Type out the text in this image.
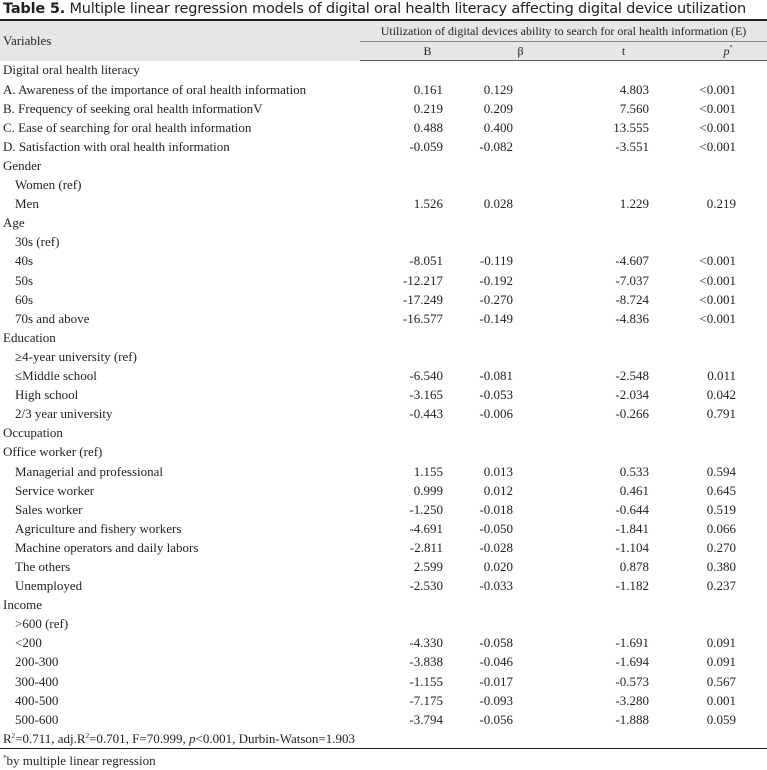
Table 5. Multiple linear regression models of digital oral health literacy affecting digital device utilization
Variables	Utilization of digital devices ability to search for oral health information (E)			
	B	β	t	p*
Digital oral health literacy				
A. Awareness of the importance of oral health information	0.161	0.129	4.803	<0.001
B. Frequency of seeking oral health informationV	0.219	0.209	7.560	<0.001
C. Ease of searching for oral health information	0.488	0.400	13.555	<0.001
D. Satisfaction with oral health information	-0.059	-0.082	-3.551	<0.001
Gender				
Women (ref)				
Men	1.526	0.028	1.229	0.219
Age				
30s (ref)				
40s	-8.051	-0.119	-4.607	<0.001
50s	-12.217	-0.192	-7.037	<0.001
60s	-17.249	-0.270	-8.724	<0.001
70s and above	-16.577	-0.149	-4.836	<0.001
Education				
≥4-year university (ref)				
≤Middle school	-6.540	-0.081	-2.548	0.011
High school	-3.165	-0.053	-2.034	0.042
2/3 year university	-0.443	-0.006	-0.266	0.791
Occupation				
Office worker (ref)				
Managerial and professional	1.155	0.013	0.533	0.594
Service worker	0.999	0.012	0.461	0.645
Sales worker	-1.250	-0.018	-0.644	0.519
Agriculture and fishery workers	-4.691	-0.050	-1.841	0.066
Machine operators and daily labors	-2.811	-0.028	-1.104	0.270
The others	2.599	0.020	0.878	0.380
Unemployed	-2.530	-0.033	-1.182	0.237
Income				
>600 (ref)				
<200	-4.330	-0.058	-1.691	0.091
200-300	-3.838	-0.046	-1.694	0.091
300-400	-1.155	-0.017	-0.573	0.567
400-500	-7.175	-0.093	-3.280	0.001
500-600	-3.794	-0.056	-1.888	0.059
$R^2=0.711$, $adj.R^2=0.701$, F=70.999, p<0.001, Durbin-Watson=1.903				
*by multiple linear regression
